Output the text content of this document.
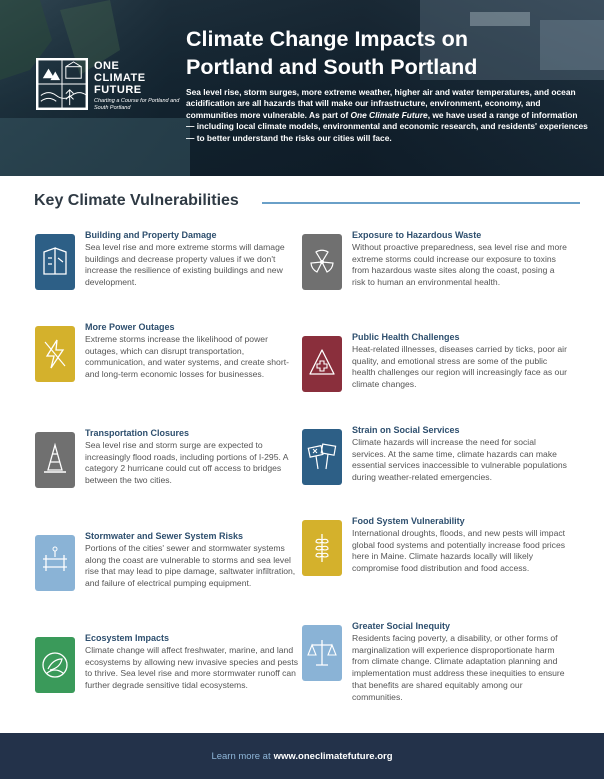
ONE
CLIMATE
FUTURE
Charting a Course for Portland and South Portland
Climate Change Impacts on
Portland and South Portland

Sea level rise, storm surges, more extreme weather, higher air and water temperatures, and ocean acidification are all hazards that will make our infrastructure, environment, economy, and communities more vulnerable. As part of One Climate Future, we have used a range of information — including local climate models, environmental and economic research, and residents' experiences — to better understand the risks our cities will face.

Key Climate Vulnerabilities
Building and Property Damage

Sea level rise and more extreme storms will damage buildings and decrease property values if we don't increase the resilience of existing buildings and new development.

More Power Outages

Extreme storms increase the likelihood of power outages, which can disrupt transportation, communication, and water systems, and create short- and long-term economic losses for businesses.

Transportation Closures

Sea level rise and storm surge are expected to increasingly flood roads, including portions of I-295. A category 2 hurricane could cut off access to bridges between the two cities.

Stormwater and Sewer System Risks

Portions of the cities' sewer and stormwater systems along the coast are vulnerable to storms and sea level rise that may lead to pipe damage, saltwater infiltration, and failure of electrical pumping equipment.

Ecosystem Impacts

Climate change will affect freshwater, marine, and land ecosystems by allowing new invasive species and pests to thrive. Sea level rise and more stormwater runoff can further degrade sensitive tidal ecosystems.

Exposure to Hazardous Waste

Without proactive preparedness, sea level rise and more extreme storms could increase our exposure to toxins from hazardous waste sites along the coast, posing a risk to human an environmental health.

Public Health Challenges

Heat-related illnesses, diseases carried by ticks, poor air quality, and emotional stress are some of the public health challenges our region will increasingly face as our climate changes.

Strain on Social Services

Climate hazards will increase the need for social services. At the same time, climate hazards can make essential services inaccessible to vulnerable populations during weather-related emergencies.

Food System Vulnerability

International droughts, floods, and new pests will impact global food systems and potentially increase food prices here in Maine. Climate hazards locally will likely compromise food distribution and food access.

Greater Social Inequity

Residents facing poverty, a disability, or other forms of marginalization will experience disproportionate harm from climate change. Climate adaptation planning and implementation must address these inequities to ensure that benefits are shared equitably among our communities.

Learn more at www.oneclimatefuture.org
